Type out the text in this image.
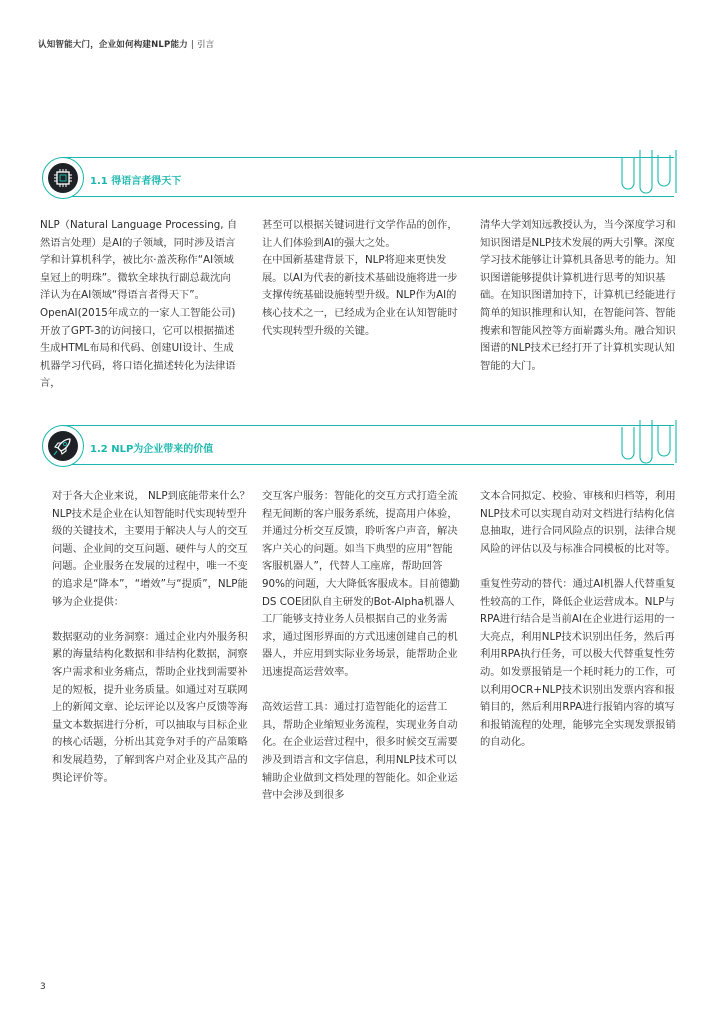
认知智能大门，企业如何构建NLP能力 | 引言
1.1 得语言者得天下

NLP（Natural Language Processing, 自然语言处理）是AI的子领域，同时涉及语言学和计算机科学，被比尔·盖茨称作“AI领域皇冠上的明珠”。微软全球执行副总裁沈向洋认为在AI领域“得语言者得天下”。OpenAI(2015年成立的一家人工智能公司)开放了GPT-3的访问接口，它可以根据描述生成HTML布局和代码、创建UI设计、生成机器学习代码，将口语化描述转化为法律语言，

甚至可以根据关键词进行文学作品的创作，让人们体验到AI的强大之处。

在中国新基建背景下，NLP将迎来更快发展。以AI为代表的新技术基础设施将进一步支撑传统基础设施转型升级。NLP作为AI的核心技术之一，已经成为企业在认知智能时代实现转型升级的关键。

清华大学刘知远教授认为，当今深度学习和知识图谱是NLP技术发展的两大引擎。深度学习技术能够让计算机具备思考的能力。知识图谱能够提供计算机进行思考的知识基础。在知识图谱加持下，计算机已经能进行简单的知识推理和认知，在智能问答、智能搜索和智能风控等方面崭露头角。融合知识图谱的NLP技术已经打开了计算机实现认知智能的大门。

1.2 NLP为企业带来的价值

对于各大企业来说， NLP到底能带来什么？NLP技术是企业在认知智能时代实现转型升级的关键技术，主要用于解决人与人的交互问题、企业间的交互问题、硬件与人的交互问题。企业服务在发展的过程中，唯一不变的追求是“降本”，“增效”与“提质”，NLP能够为企业提供：

数据驱动的业务洞察：通过企业内外服务积累的海量结构化数据和非结构化数据，洞察客户需求和业务痛点，帮助企业找到需要补足的短板，提升业务质量。如通过对互联网上的新闻文章、论坛评论以及客户反馈等海量文本数据进行分析，可以抽取与目标企业的核心话题，分析出其竞争对手的产品策略和发展趋势，了解到客户对企业及其产品的舆论评价等。

交互客户服务：智能化的交互方式打造全流程无间断的客户服务系统，提高用户体验，并通过分析交互反馈，聆听客户声音，解决客户关心的问题。如当下典型的应用“智能客服机器人”，代替人工座席，帮助回答90%的问题，大大降低客服成本。目前德勤DS COE团队自主研发的Bot-Alpha机器人工厂能够支持业务人员根据自己的业务需求，通过图形界面的方式迅速创建自己的机器人，并应用到实际业务场景，能帮助企业迅速提高运营效率。

高效运营工具：通过打造智能化的运营工具，帮助企业缩短业务流程，实现业务自动化。在企业运营过程中，很多时候交互需要涉及到语言和文字信息，利用NLP技术可以辅助企业做到文档处理的智能化。如企业运营中会涉及到很多

文本合同拟定、校验、审核和归档等，利用NLP技术可以实现自动对文档进行结构化信息抽取，进行合同风险点的识别，法律合规风险的评估以及与标准合同模板的比对等。

重复性劳动的替代：通过AI机器人代替重复性较高的工作，降低企业运营成本。NLP与RPA进行结合是当前AI在企业进行运用的一大亮点，利用NLP技术识别出任务，然后再利用RPA执行任务，可以极大代替重复性劳动。如发票报销是一个耗时耗力的工作，可以利用OCR+NLP技术识别出发票内容和报销目的，然后利用RPA进行报销内容的填写和报销流程的处理，能够完全实现发票报销的自动化。

3
